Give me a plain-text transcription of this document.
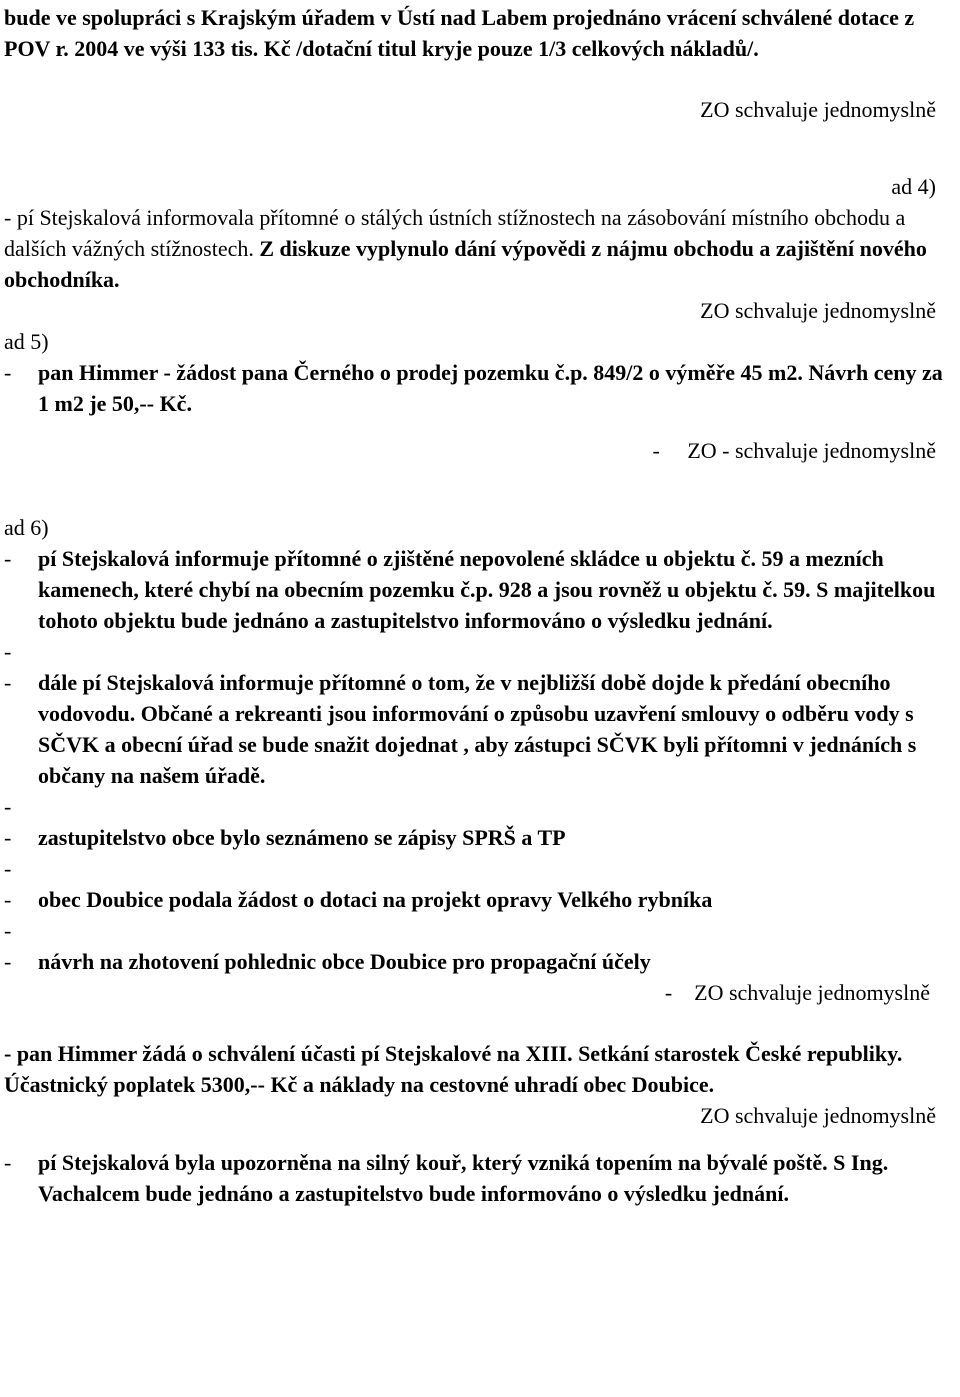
bude ve spolupráci s Krajským úřadem v Ústí nad Labem projednáno vrácení schválené dotace z POV r. 2004 ve výši 133 tis. Kč /dotační titul kryje pouze 1/3 celkových nákladů/.

ZO schvaluje jednomyslně

ad 4)

- pí Stejskalová informovala přítomné o stálých ústních stížnostech na zásobování místního obchodu a dalších vážných stížnostech. Z diskuze vyplynulo dání výpovědi z nájmu obchodu a zajištění nového obchodníka.

ZO schvaluje jednomyslně

ad 5)

-	pan Himmer - žádost pana Černého o prodej pozemku č.p. 849/2 o výměře 45 m2. Návrh ceny za 1 m2 je 50,-- Kč.

-     ZO - schvaluje jednomyslně

ad 6)

-	pí Stejskalová informuje přítomné o zjištěné nepovolené skládce u objektu č. 59 a mezních kamenech, které chybí na obecním pozemku č.p. 928 a jsou rovněž u objektu č. 59. S majitelkou tohoto objektu bude jednáno a zastupitelstvo informováno o výsledku jednání.

-

-	dále pí Stejskalová informuje přítomné o tom, že v nejbližší době dojde k předání obecního vodovodu. Občané a rekreanti jsou informování o způsobu uzavření smlouvy o odběru vody s SČVK a obecní úřad se bude snažit dojednat , aby zástupci SČVK byli přítomni v jednáních s občany na našem úřadě.

-

-	zastupitelstvo obce bylo seznámeno se zápisy SPRŠ a TP

-

-	obec Doubice podala žádost o dotaci na projekt opravy Velkého rybníka

-

-	návrh na zhotovení pohlednic obce Doubice pro propagační účely

-    ZO schvaluje jednomyslně

- pan Himmer žádá o schválení účasti pí Stejskalové na XIII. Setkání starostek České republiky. Účastnický poplatek 5300,-- Kč a náklady na cestovné uhradí obec Doubice.

ZO schvaluje jednomyslně

-	pí Stejskalová byla upozorněna na silný kouř, který vzniká topením na bývalé poště. S Ing. Vachalcem bude jednáno a zastupitelstvo bude informováno o výsledku jednání.
